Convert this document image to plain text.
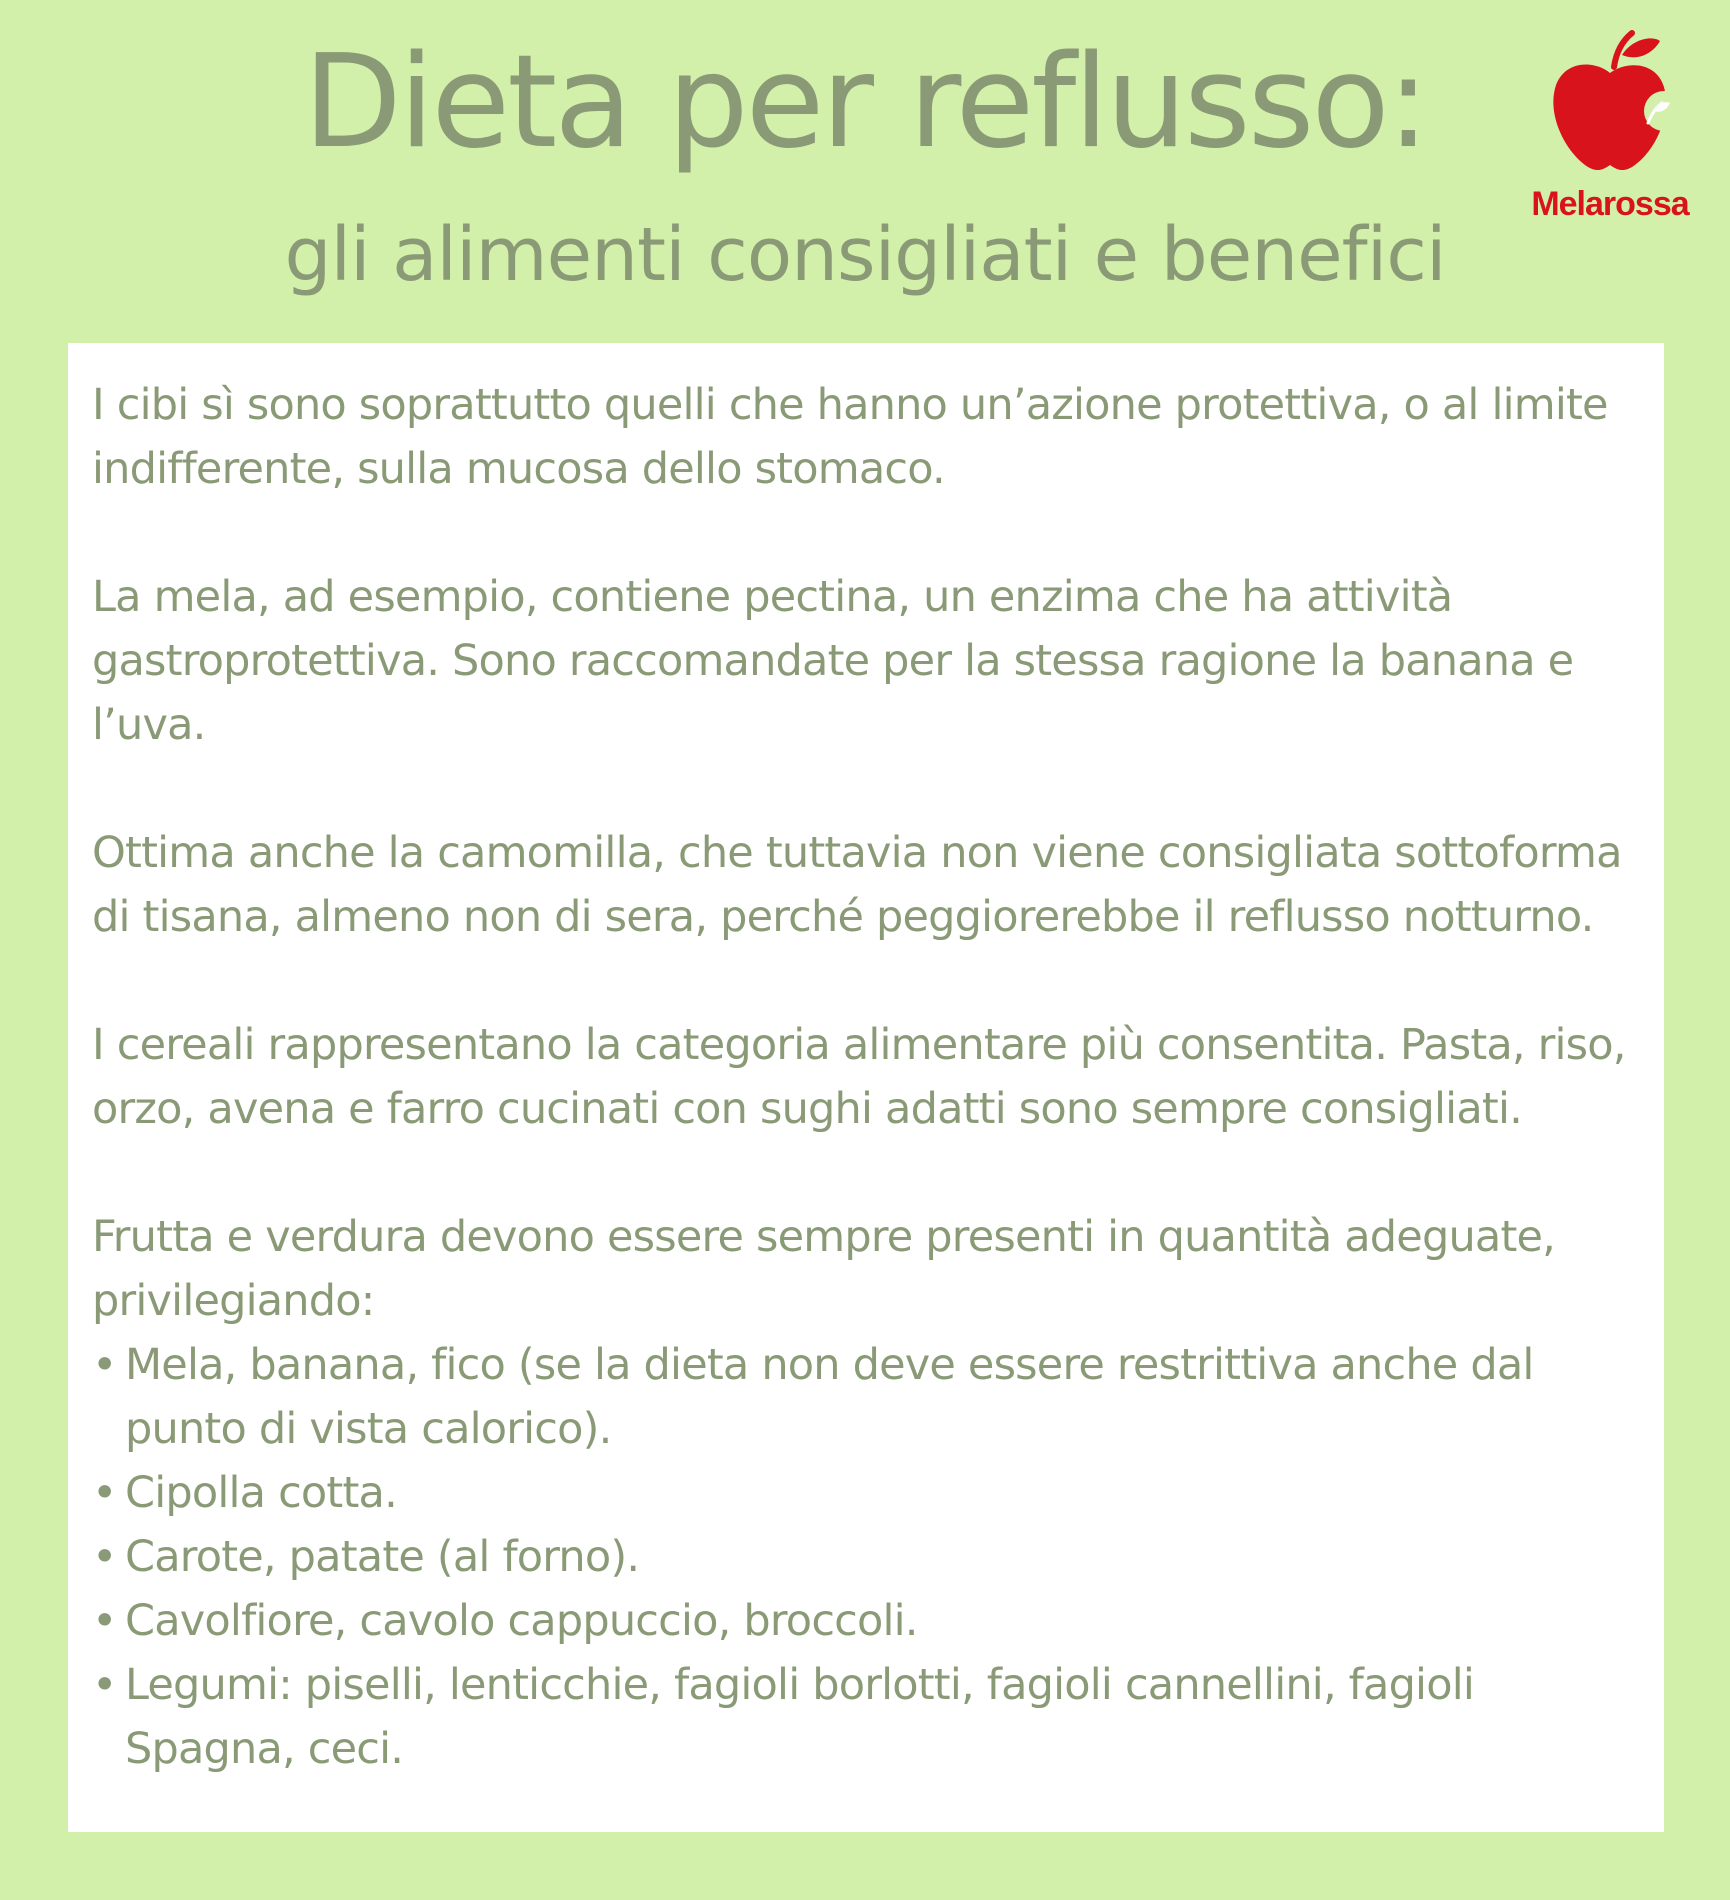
Dieta per reflusso:
gli alimenti consigliati e benefici
Melarossa

I cibi sì sono soprattutto quelli che hanno un’azione protettiva, o al limite indifferente, sulla mucosa dello stomaco.

La mela, ad esempio, contiene pectina, un enzima che ha attività gastroprotettiva. Sono raccomandate per la stessa ragione la banana e l’uva.

Ottima anche la camomilla, che tuttavia non viene consigliata sottoforma di tisana, almeno non di sera, perché peggiorerebbe il reflusso notturno.

I cereali rappresentano la categoria alimentare più consentita. Pasta, riso, orzo, avena e farro cucinati con sughi adatti sono sempre consigliati.

Frutta e verdura devono essere sempre presenti in quantità adeguate, privilegiando:

• Mela, banana, fico (se la dieta non deve essere restrittiva anche dal punto di vista calorico).
• Cipolla cotta.
• Carote, patate (al forno).
• Cavolfiore, cavolo cappuccio, broccoli.
• Legumi: piselli, lenticchie, fagioli borlotti, fagioli cannellini, fagioli Spagna, ceci.
